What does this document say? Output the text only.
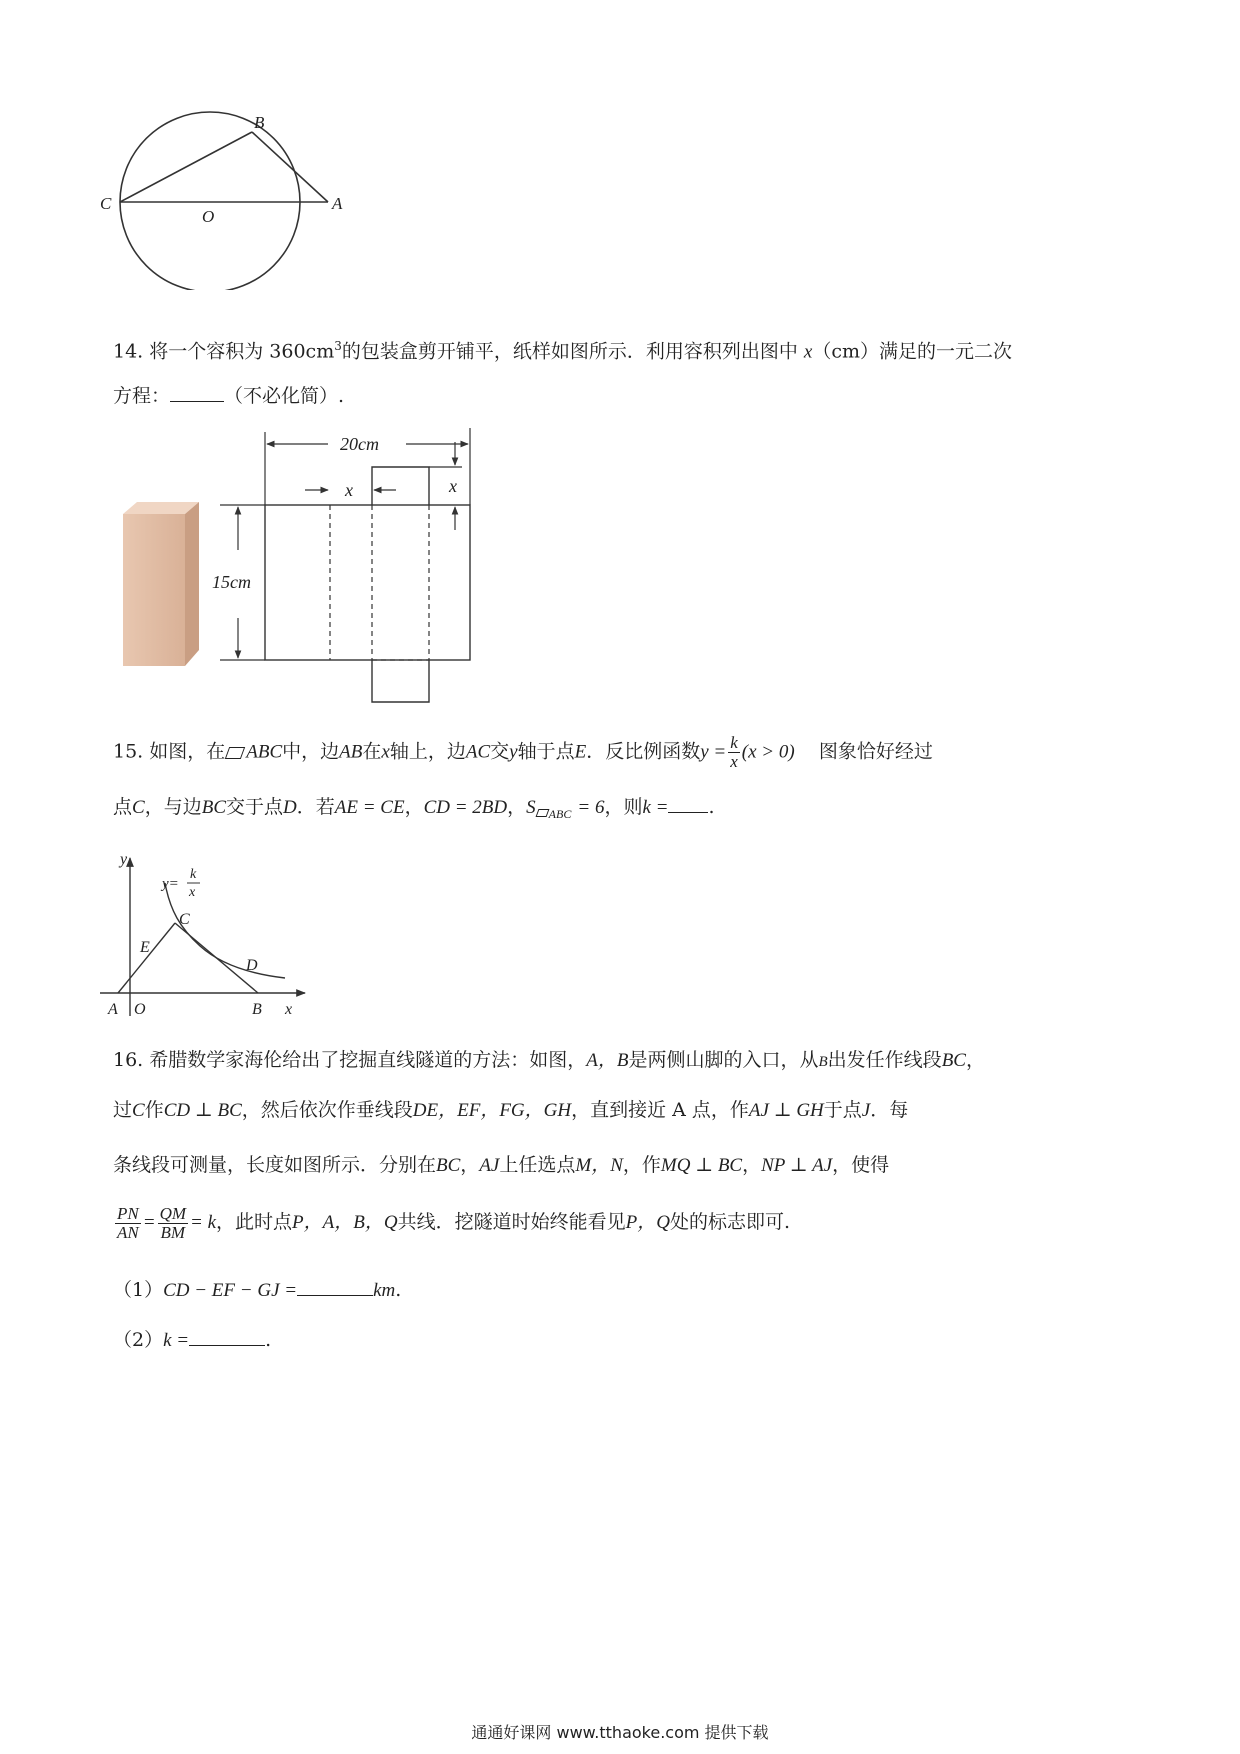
B
C
O
A
14. 将一个容积为 $360cm^3$的包装盒剪开铺平，纸样如图所示．利用容积列出图中 x（cm）满足的一元二次
方程：	（不必化简）.
20cm
x	x
15cm
15. 如图，在 ABC中，边AB在x轴上，边AC交y轴于点E．反比例函数$y = \frac{k}{x} (x > 0)$ 图象恰好经过
点C，与边BC交于点D．若AE = CE，CD = 2BD，S $_{ABC}$ = 6，则k = .
y
x
y=
k
x
C
E
D
A O	B
16. 希腊数学家海伦给出了挖掘直线隧道的方法：如图，A，B是两侧山脚的入口，从B出发任作线段BC，
过C作CD ⊥ BC，然后依次作垂线段DE，EF，FG，GH，直到接近 A 点，作AJ ⊥ GH于点J．每
条线段可测量，长度如图所示．分别在BC，AJ上任选点M，N，作MQ ⊥ BC，NP ⊥ AJ，使得
$\frac{PN}{AN} = \frac{QM}{BM} = k$，此时点P，A，B，Q共线．挖隧道时始终能看见P，Q处的标志即可.
（1）CD − EF − GJ =	km.
（2）k =	.
通通好课网 www.tthaoke.com 提供下载
